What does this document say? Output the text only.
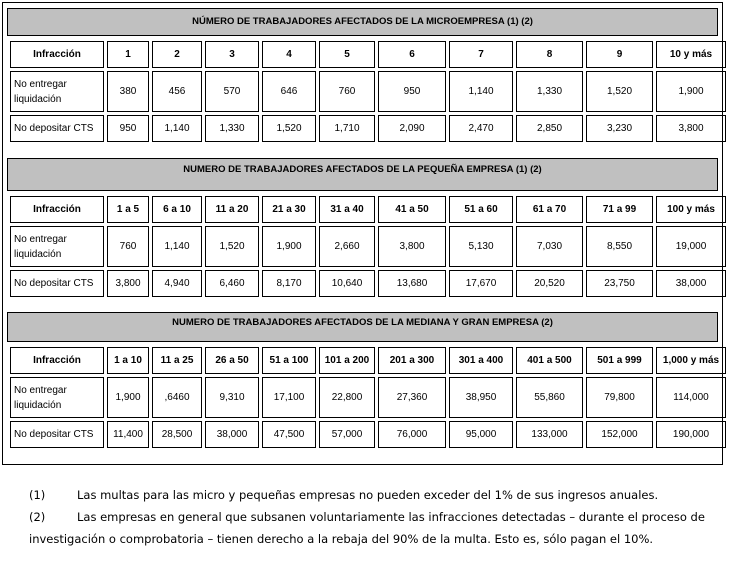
NÚMERO DE TRABAJADORES AFECTADOS DE LA MICROEMPRESA (1) (2)
Infracción	1	2	3	4	5	6	7	8	9	10 y más
No entregar liquidación	380	456	570	646	760	950	1,140	1,330	1,520	1,900
No depositar CTS	950	1,140	1,330	1,520	1,710	2,090	2,470	2,850	3,230	3,800
NUMERO DE TRABAJADORES AFECTADOS DE LA PEQUEÑA EMPRESA (1) (2)
Infracción	1 a 5	6 a 10	11 a 20	21 a 30	31 a 40	41 a 50	51 a 60	61 a 70	71 a 99	100 y más
No entregar liquidación	760	1,140	1,520	1,900	2,660	3,800	5,130	7,030	8,550	19,000
No depositar CTS	3,800	4,940	6,460	8,170	10,640	13,680	17,670	20,520	23,750	38,000
NUMERO DE TRABAJADORES AFECTADOS DE LA MEDIANA Y GRAN EMPRESA (2)
Infracción	1 a 10	11 a 25	26 a 50	51 a 100	101 a 200	201 a 300	301 a 400	401 a 500	501 a 999	1,000 y más
No entregar liquidación	1,900	,6460	9,310	17,100	22,800	27,360	38,950	55,860	79,800	114,000
No depositar CTS	11,400	28,500	38,000	47,500	57,000	76,000	95,000	133,000	152,000	190,000

(1)	Las multas para las micro y pequeñas empresas no pueden exceder del 1% de sus ingresos anuales.

(2)	Las empresas en general que subsanen voluntariamente las infracciones detectadas – durante el proceso de investigación o comprobatoria – tienen derecho a la rebaja del 90% de la multa. Esto es, sólo pagan el 10%.
